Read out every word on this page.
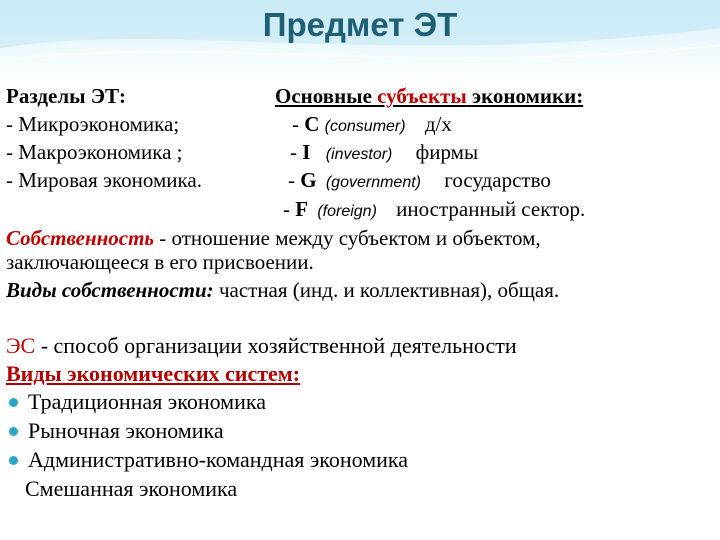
Предмет ЭТ
Разделы ЭТ:
- Микроэкономика;
- Макроэкономика ;
- Мировая экономика.
Основные субъекты экономики:
- C (consumer) д/х
- I (investor) фирмы
- G (government) государство
- F (foreign) иностранный сектор.
Собственность - отношение между субъектом и объектом,
заключающееся в его присвоении.
Виды собственности: частная (инд. и коллективная), общая.
ЭС - способ организации хозяйственной деятельности
Виды экономических систем:
Традиционная экономика
Рыночная экономика
Административно-командная экономика
Смешанная экономика
